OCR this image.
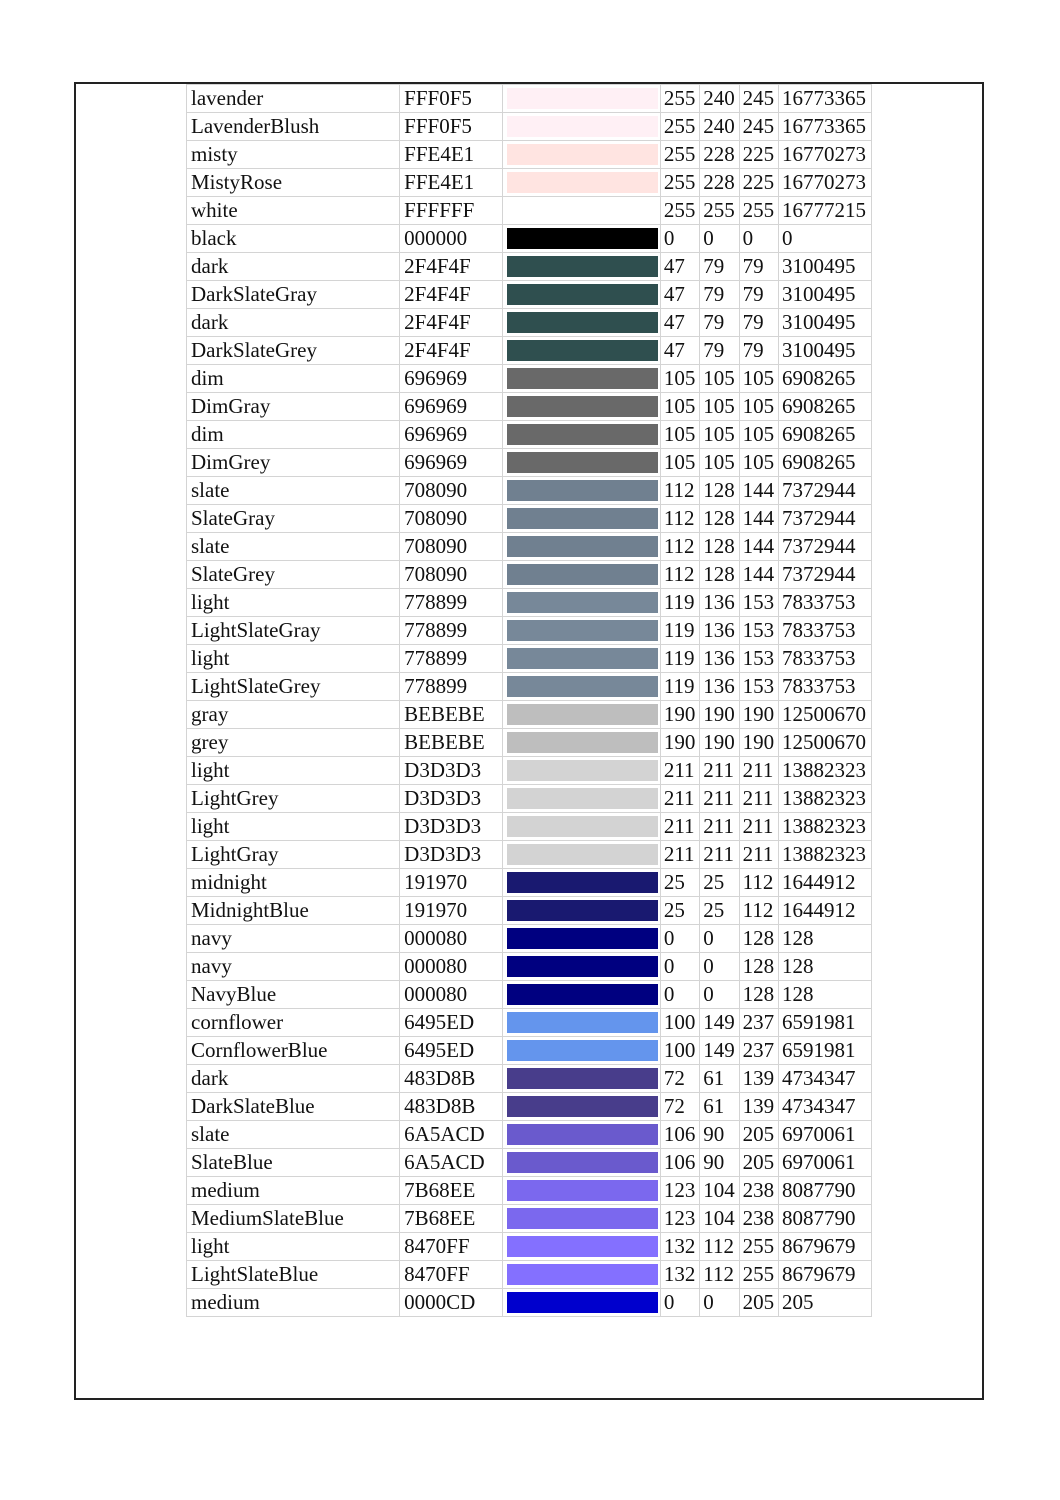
lavender	FFF0F5		255	240	245	16773365
LavenderBlush	FFF0F5		255	240	245	16773365
misty	FFE4E1		255	228	225	16770273
MistyRose	FFE4E1		255	228	225	16770273
white	FFFFFF		255	255	255	16777215
black	000000		0	0	0	0
dark	2F4F4F		47	79	79	3100495
DarkSlateGray	2F4F4F		47	79	79	3100495
dark	2F4F4F		47	79	79	3100495
DarkSlateGrey	2F4F4F		47	79	79	3100495
dim	696969		105	105	105	6908265
DimGray	696969		105	105	105	6908265
dim	696969		105	105	105	6908265
DimGrey	696969		105	105	105	6908265
slate	708090		112	128	144	7372944
SlateGray	708090		112	128	144	7372944
slate	708090		112	128	144	7372944
SlateGrey	708090		112	128	144	7372944
light	778899		119	136	153	7833753
LightSlateGray	778899		119	136	153	7833753
light	778899		119	136	153	7833753
LightSlateGrey	778899		119	136	153	7833753
gray	BEBEBE		190	190	190	12500670
grey	BEBEBE		190	190	190	12500670
light	D3D3D3		211	211	211	13882323
LightGrey	D3D3D3		211	211	211	13882323
light	D3D3D3		211	211	211	13882323
LightGray	D3D3D3		211	211	211	13882323
midnight	191970		25	25	112	1644912
MidnightBlue	191970		25	25	112	1644912
navy	000080		0	0	128	128
navy	000080		0	0	128	128
NavyBlue	000080		0	0	128	128
cornflower	6495ED		100	149	237	6591981
CornflowerBlue	6495ED		100	149	237	6591981
dark	483D8B		72	61	139	4734347
DarkSlateBlue	483D8B		72	61	139	4734347
slate	6A5ACD		106	90	205	6970061
SlateBlue	6A5ACD		106	90	205	6970061
medium	7B68EE		123	104	238	8087790
MediumSlateBlue	7B68EE		123	104	238	8087790
light	8470FF		132	112	255	8679679
LightSlateBlue	8470FF		132	112	255	8679679
medium	0000CD		0	0	205	205
